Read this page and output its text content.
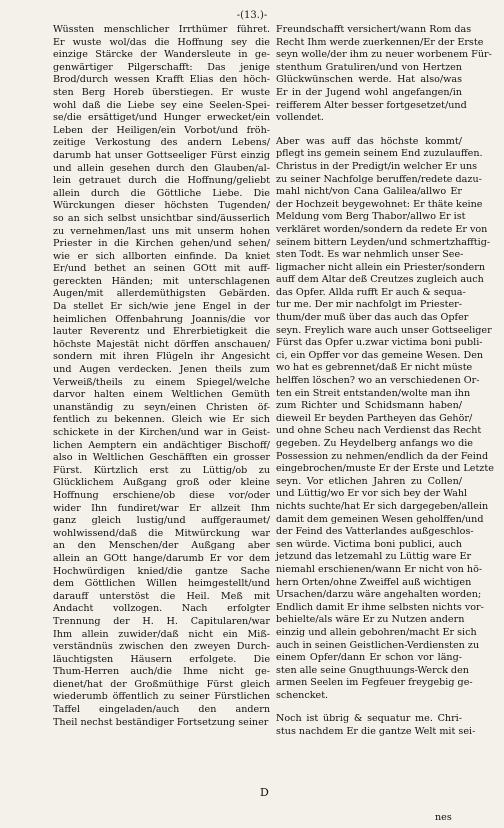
-(13.)-
Wüssten menschlicher Irrthümer führet.
Er wuste wol/das die Hoffnung sey die
einzige Stärcke der Wandersleute in ge-
genwärtiger Pilgerschafft: Das jenige
Brod/durch wessen Krafft Elias den höch-
sten Berg Horeb überstiegen. Er wuste
wohl daß die Liebe sey eine Seelen-Spei-
se/die ersättiget/und Hunger erwecket/ein
Leben der Heiligen/ein Vorbot/und fröh-
zeitige Verkostung des andern Lebens/
darumb hat unser Gottseeliger Fürst einzig
und allein gesehen durch den Glauben/al-
lein getrauet durch die Hoffnung/geliebt
allein durch die Göttliche Liebe. Die
Würckungen dieser höchsten Tugenden/
so an sich selbst unsichtbar sind/äusserlich
zu vernehmen/last uns mit unserm hohen
Priester in die Kirchen gehen/und sehen/
wie er sich allborten einfinde. Da kniet
Er/und bethet an seinen GOtt mit auff-
gereckten Händen; mit unterschlagenen
Augen/mit allerdemüthigsten Gebärden.
Da stellet Er sich/wie jene Engel in der
heimlichen Offenbahrung Joannis/die vor
lauter Reverentz und Ehrerbietigkeit die
höchste Majestät nicht dörffen anschauen/
sondern mit ihren Flügeln ihr Angesicht
und Augen verdecken. Jenen theils zum
Verweiß/theils zu einem Spiegel/welche
darvor halten einem Weltlichen Gemüth
unanständig zu seyn/einen Christen öf-
fentlich zu bekennen. Gleich wie Er sich
schickete in der Kirchen/und war in Geist-
lichen Aemptern ein andächtiger Bischoff/
also in Weltlichen Geschäfften ein grosser
Fürst. Kürtzlich erst zu Lüttig/ob zu
Glücklichem Außgang groß oder kleine
Hoffnung erschiene/ob diese vor/oder
wider Ihn fundiret/war Er allzeit Ihm
ganz gleich lustig/und auffgeraumet/
wohlwissend/daß die Mitwürckung war
an den Menschen/der Außgang aber
allein an GOtt hange/darumb Er vor dem
Hochwürdigen knied/die gantze Sache
dem Göttlichen Willen heimgestellt/und
darauff unterstöst die Heil. Meß mit
Andacht vollzogen. Nach erfolgter
Trennung der H. H. Capitularen/war
Ihm allein zuwider/daß nicht ein Miß-
verständnüs zwischen den zweyen Durch-
läuchtigsten Häusern erfolgete. Die
Thum-Herren auch/die Ihme nicht ge-
dienet/hat der Großmüthige Fürst gleich
wiederumb öffentlich zu seiner Fürstlichen
Taffel eingeladen/auch den andern
Theil nechst beständiger Fortsetzung seiner
Freundschafft versichert/wann Rom das
Recht Ihm werde zuerkennen/Er der Erste
seyn wolle/der ihm zu neuer worbenem Für-
stenthum Gratuliren/und von Hertzen
Glückwünschen werde. Hat also/was
Er in der Jugend wohl angefangen/in
reifferem Alter besser fortgesetzet/und
vollendet.
Aber was auff das höchste kommt/
pflegt ins gemein seinem End zuzulauffen.
Christus in der Predigt/in welcher Er uns
zu seiner Nachfolge beruffen/redete dazu-
mahl nicht/von Cana Galilea/allwo Er
der Hochzeit beygewohnet: Er thäte keine
Meldung vom Berg Thabor/allwo Er ist
verkläret worden/sondern da redete Er von
seinem bittern Leyden/und schmertzhafftig-
sten Todt. Es war nehmlich unser See-
ligmacher nicht allein ein Priester/sondern
auff dem Altar deß Creutzes zugleich auch
das Opfer. Allda rufft Er auch & sequa-
tur me. Der mir nachfolgt im Priester-
thum/der muß über das auch das Opfer
seyn. Freylich ware auch unser Gottseeliger
Fürst das Opfer u.zwar victima boni publi-
ci, ein Opffer vor das gemeine Wesen. Den
wo hat es gebrennet/daß Er nicht müste
helffen löschen? wo an verschiedenen Or-
ten ein Streit entstanden/wolte man ihn
zum Richter und Schidsmann haben/
dieweil Er beyden Partheyen das Gehör/
und ohne Scheu nach Verdienst das Recht
gegeben. Zu Heydelberg anfangs wo die
Possession zu nehmen/endlich da der Feind
eingebrochen/muste Er der Erste und Letzte
seyn. Vor etlichen Jahren zu Collen/
und Lüttig/wo Er vor sich bey der Wahl
nichts suchte/hat Er sich dargegeben/allein
damit dem gemeinen Wesen geholffen/und
der Feind des Vatterlandes außgeschlos-
sen würde. Victima boni publici, auch
jetzund das letzemahl zu Lüttig ware Er
niemahl erschienen/wann Er nicht von hö-
hern Orten/ohne Zweiffel auß wichtigen
Ursachen/darzu wäre angehalten worden;
Endlich damit Er ihme selbsten nichts vor-
behielte/als wäre Er zu Nutzen andern
einzig und allein gebohren/macht Er sich
auch in seinen Geistlichen-Verdiensten zu
einem Opfer/dann Er schon vor läng-
sten alle seine Gnugthuungs-Werck den
armen Seelen im Fegfeuer freygebig ge-
schencket.
Noch ist übrig & sequatur me. Chri-
stus nachdem Er die gantze Welt mit sei-
D
nes
